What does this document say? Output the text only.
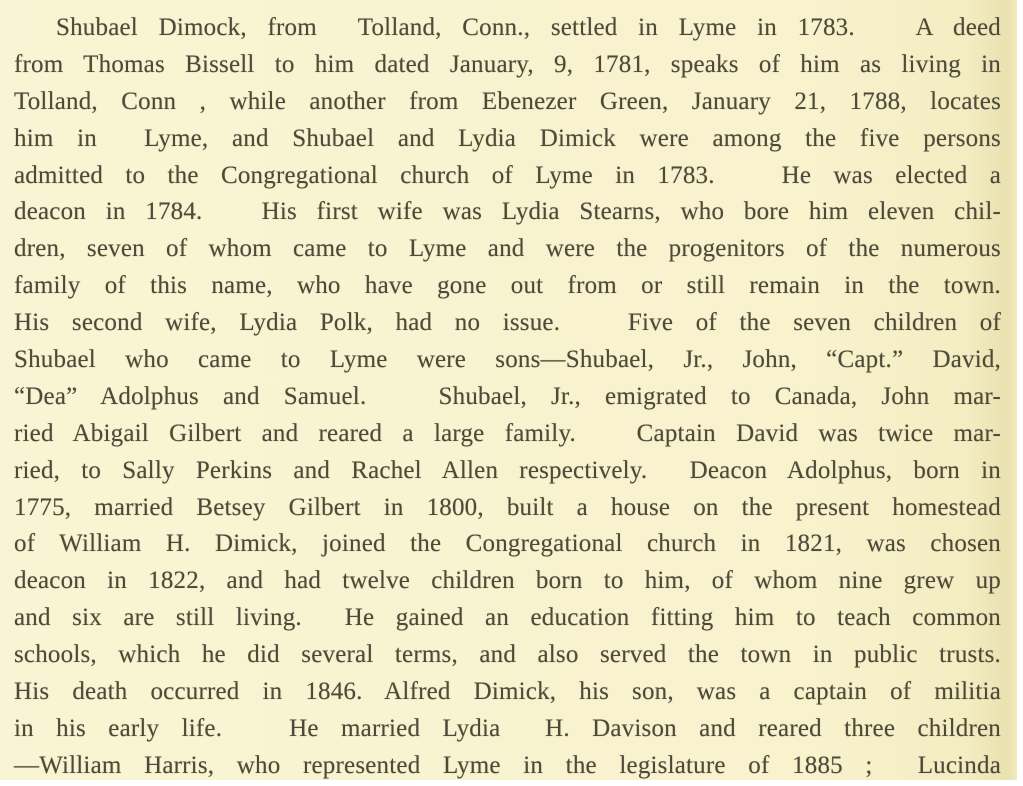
Shubael Dimock, from  Tolland, Conn., settled in Lyme in 1783.   A deed
from Thomas Bissell to him dated January, 9, 1781, speaks of him as living in
Tolland, Conn , while another from Ebenezer Green, January 21, 1788, locates
him in  Lyme, and Shubael and Lydia Dimick were among the five persons
admitted to the Congregational church of Lyme in 1783.   He was elected a
deacon in 1784.   His first wife was Lydia Stearns, who bore him eleven chil-
dren, seven of whom came to Lyme and were the progenitors of the numerous
family of this name, who have gone out from or still remain in the town.
His second wife, Lydia Polk, had no issue.   Five of the seven children of
Shubael who came to Lyme were sons—Shubael, Jr., John, “Capt.” David,
“Dea” Adolphus and Samuel.   Shubael, Jr., emigrated to Canada, John mar-
ried Abigail Gilbert and reared a large family.   Captain David was twice mar-
ried, to Sally Perkins and Rachel Allen respectively.  Deacon Adolphus, born in
1775, married Betsey Gilbert in 1800, built a house on the present homestead
of William H. Dimick, joined the Congregational church in 1821, was chosen
deacon in 1822, and had twelve children born to him, of whom nine grew up
and six are still living.  He gained an education fitting him to teach common
schools, which he did several terms, and also served the town in public trusts.
His death occurred in 1846. Alfred Dimick, his son, was a captain of militia
in his early life.   He married Lydia  H. Davison and reared three children
—William Harris, who represented Lyme in the legislature of 1885 ;  Lucinda
